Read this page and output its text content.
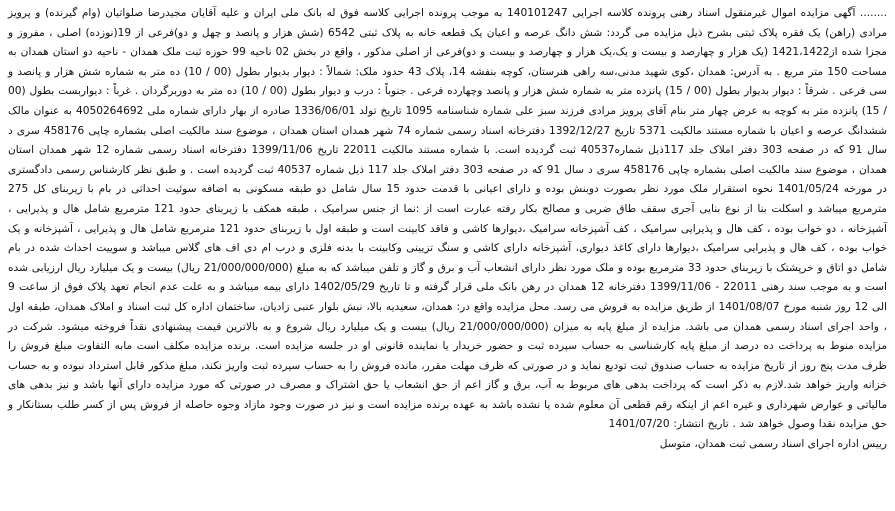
........ آگهی مزایده اموال غیرمنقول اسناد رهنی پرونده کلاسه اجرایی 140101247 به موجب پرونده اجرایی کلاسه فوق له بانک ملی ایران و علیه آقایان مجیدرضا صلواتیان (وام گیرنده) و پرویز مرادی (راهن) یک فقره پلاک ثبتی بشرح ذیل مزایده می گردد: شش دانگ عرصه و اعیان یک قطعه خانه به پلاک ثبتی 6542 (شش هزار و پانصد و چهل و دو)فرعی از 19(نوزده) اصلی ، مفروز و مجزا شده از1421،1422 (یک هزار و چهارصد و بیست و یک،یک هزار و چهارصد و بیست و دو)فرعی از اصلی مذکور ، واقع در بخش 02 ناحیه 99 حوزه ثبت ملک همدان - ناحیه دو استان همدان به مساحت 150 متر مربع . به آدرس: همدان ،کوی شهید مدنی،سه راهی هنرستان، کوچه بنفشه 14، پلاک 43 حدود ملک: شمالاً : دیوار بدیوار بطول (00 / 10) ده متر به شماره شش هزار و پانصد و سی فرعی . شرقاً : دیوار بدیوار بطول (00 / 15) پانزده متر به شماره شش هزار و پانصد وچهارده فرعی . جنوباً : درب و دیوار بطول (00 / 10) ده متر به دوربرگردان . غرباً : دیواربست بطول (00 / 15) پانزده متر به کوچه به عرض چهار متر بنام آقای پرویز مرادی فرزند سبز علی شماره شناسنامه 1095 تاریخ تولد 1336/06/01 صادره از بهار دارای شماره ملی 4050264692 به عنوان مالک ششدانگ عرصه و اعیان با شماره مستند مالکیت 5371 تاریخ 1392/12/27 دفترخانه اسناد رسمی شماره 74 شهر همدان استان همدان ، موضوع سند مالکیت اصلی بشماره چاپی 458176 سری د سال 91 که در صفحه 303 دفتر املاک جلد 117ذیل شماره40537 ثبت گردیده است. با شماره مستند مالکیت 22011 تاریخ 1399/11/06 دفترخانه اسناد رسمی شماره 12 شهر همدان استان همدان ، موضوع سند مالکیت اصلی بشماره چاپی 458176 سری د سال 91 که در صفحه 303 دفتر املاک جلد 117 ذیل شماره 40537 ثبت گردیده است . و طبق نظر کارشناس رسمی دادگستری در مورخه 1401/05/24 نحوه استقرار ملک مورد نظر بصورت دوبنش بوده و دارای اعیانی با قدمت حدود 15 سال شامل دو طبقه مسکونی به اضافه سوئیت احداثی در بام با زیربنای کل 275 مترمربع میباشد و اسکلت بنا از نوع بنایی آجری سقف طاق ضربی و مصالح بکار رفته عبارت است از :نما از جنس سرامیک ، طبقه همکف با زیربنای حدود 121 مترمربع شامل هال و پذیرایی ، آشپزخانه ، دو خواب بوده ، کف هال و پذیرایی سرامیک ، کف آشپزخانه سرامیک ،دیوارها کاشی و فاقد کابینت است و طبقه اول با زیربنای حدود 121 مترمربع شامل هال و پذیرایی ، آشپزخانه و یک خواب بوده ، کف هال و پذیرایی سرامیک ،دیوارها دارای کاغذ دیواری، آشپزخانه دارای کاشی و سنگ تزیینی وکابینت با بدنه فلزی و درب ام دی اف های گلاس میباشد و سوییت احداث شده در بام شامل دو اتاق و خرپشتک با زیربنای حدود 33 مترمربع بوده و ملک مورد نظر دارای انشعاب آب و برق و گاز و تلفن میباشد که به مبلغ (21/000/000/000 ریال) بیست و یک میلیارد ریال ارزیابی شده است و به موجب سند رهنی 22011 - 1399/11/06 دفترخانه 12 همدان در رهن بانک ملی قرار گرفته و تا تاریخ 1402/05/29 دارای بیمه میباشد و به علت عدم انجام تعهد پلاک فوق از ساعت 9 الی 12 روز شنبه مورخ 1401/08/07 از طریق مزایده به فروش می رسد. محل مزایده واقع در: همدان، سعیدیه بالا، نبش بلوار عنبی زادیان، ساختمان اداره کل ثبت اسناد و املاک همدان، طبقه اول ، واحد اجرای اسناد رسمی همدان می باشد. مزایده از مبلغ پایه به میزان (21/000/000/000 ریال) بیست و یک میلیارد ریال شروع و به بالاترین قیمت پیشنهادی نقداً فروخته میشود. شرکت در مزایده منوط به پرداخت ده درصد از مبلغ پایه کارشناسی به حساب سپرده ثبت و حضور خریدار یا نماینده قانونی او در جلسه مزایده است. برنده مزایده مکلف است مابه التفاوت مبلغ فروش را ظرف مدت پنج روز از تاریخ مزایده به حساب صندوق ثبت تودیع نماید و در صورتی که ظرف مهلت مقرر، مانده فروش را به حساب سپرده ثبت واریز نکند، مبلغ مذکور قابل استرداد نبوده و به حساب خزانه واریز خواهد شد.لازم به ذکر است که پرداخت بدهی های مربوط به آب، برق و گاز اعم از حق انشعاب یا حق اشتراک و مصرف در صورتی که مورد مزایده دارای آنها باشد و نیز بدهی های مالیاتی و عوارض شهرداری و غیره اعم از اینکه رقم قطعی آن معلوم شده یا نشده باشد به عهده برنده مزایده است و نیز در صورت وجود مازاد وجوه حاصله از فروش پس از کسر طلب بستانکار و حق مزایده نقدا وصول خواهد شد . تاریخ انتشار: 1401/07/20

رییس اداره اجرای اسناد رسمی ثبت همدان، متوسل
